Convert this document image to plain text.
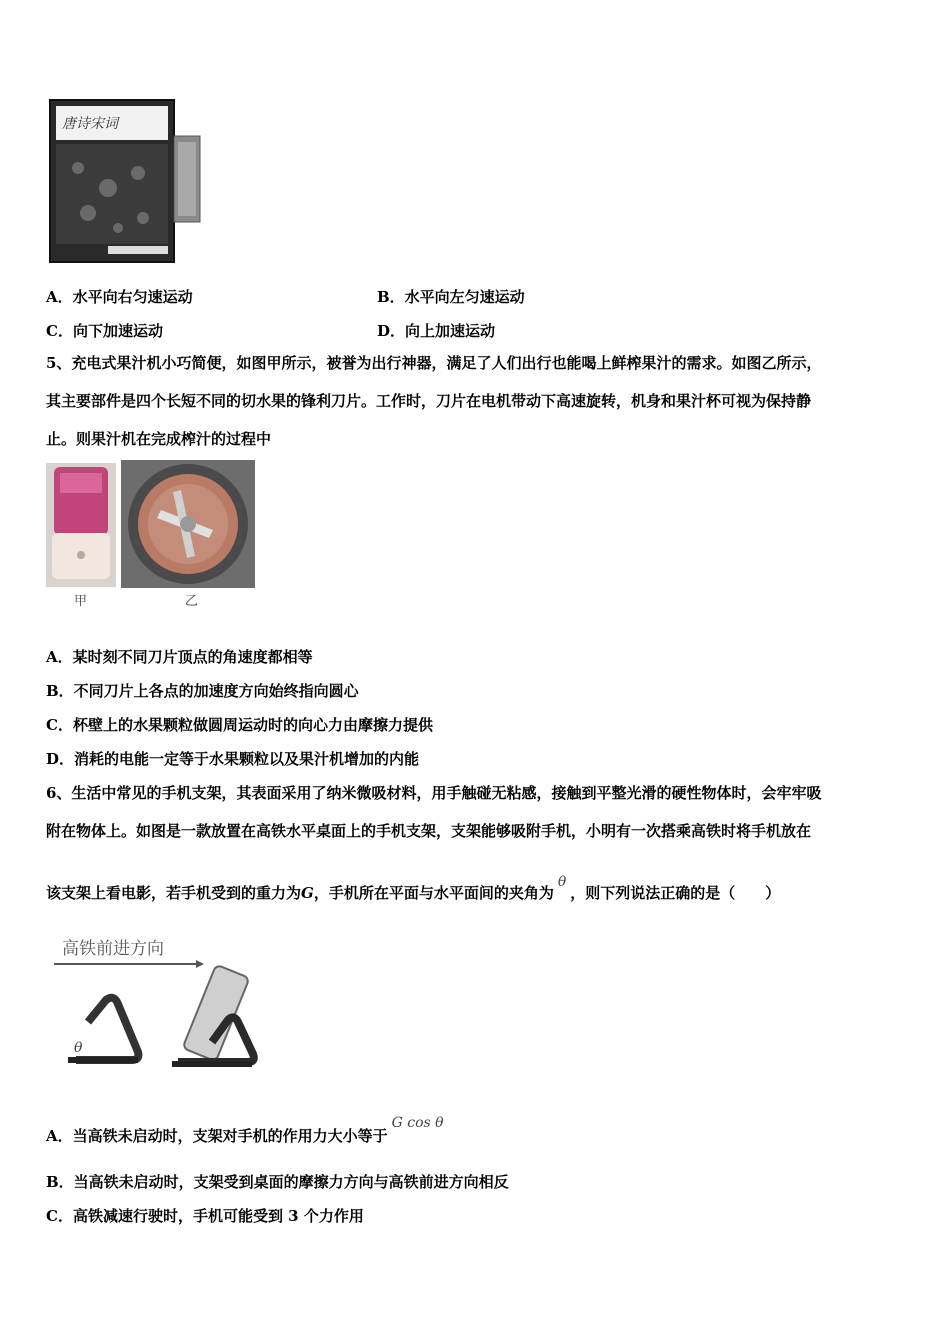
唐诗宋词
A．水平向右匀速运动	B．水平向左匀速运动
C．向下加速运动	D．向上加速运动
5、充电式果汁机小巧简便，如图甲所示，被誉为出行神器，满足了人们出行也能喝上鲜榨果汁的需求。如图乙所示，
其主要部件是四个长短不同的切水果的锋利刀片。工作时，刀片在电机带动下高速旋转，机身和果汁杯可视为保持静
止。则果汁机在完成榨汁的过程中
甲	乙
A．某时刻不同刀片顶点的角速度都相等
B．不同刀片上各点的加速度方向始终指向圆心
C．杯壁上的水果颗粒做圆周运动时的向心力由摩擦力提供
D．消耗的电能一定等于水果颗粒以及果汁机增加的内能
6、生活中常见的手机支架，其表面采用了纳米微吸材料，用手触碰无粘感，接触到平整光滑的硬性物体时，会牢牢吸
附在物体上。如图是一款放置在高铁水平桌面上的手机支架，支架能够吸附手机，小明有一次搭乘高铁时将手机放在
该支架上看电影，若手机受到的重力为G，手机所在平面与水平面间的夹角为θ，则下列说法正确的是（　　）
高铁前进方向
θ
A．当高铁未启动时，支架对手机的作用力大小等于G cos θ
B．当高铁未启动时，支架受到桌面的摩擦力方向与高铁前进方向相反
C．高铁减速行驶时，手机可能受到 3 个力作用
